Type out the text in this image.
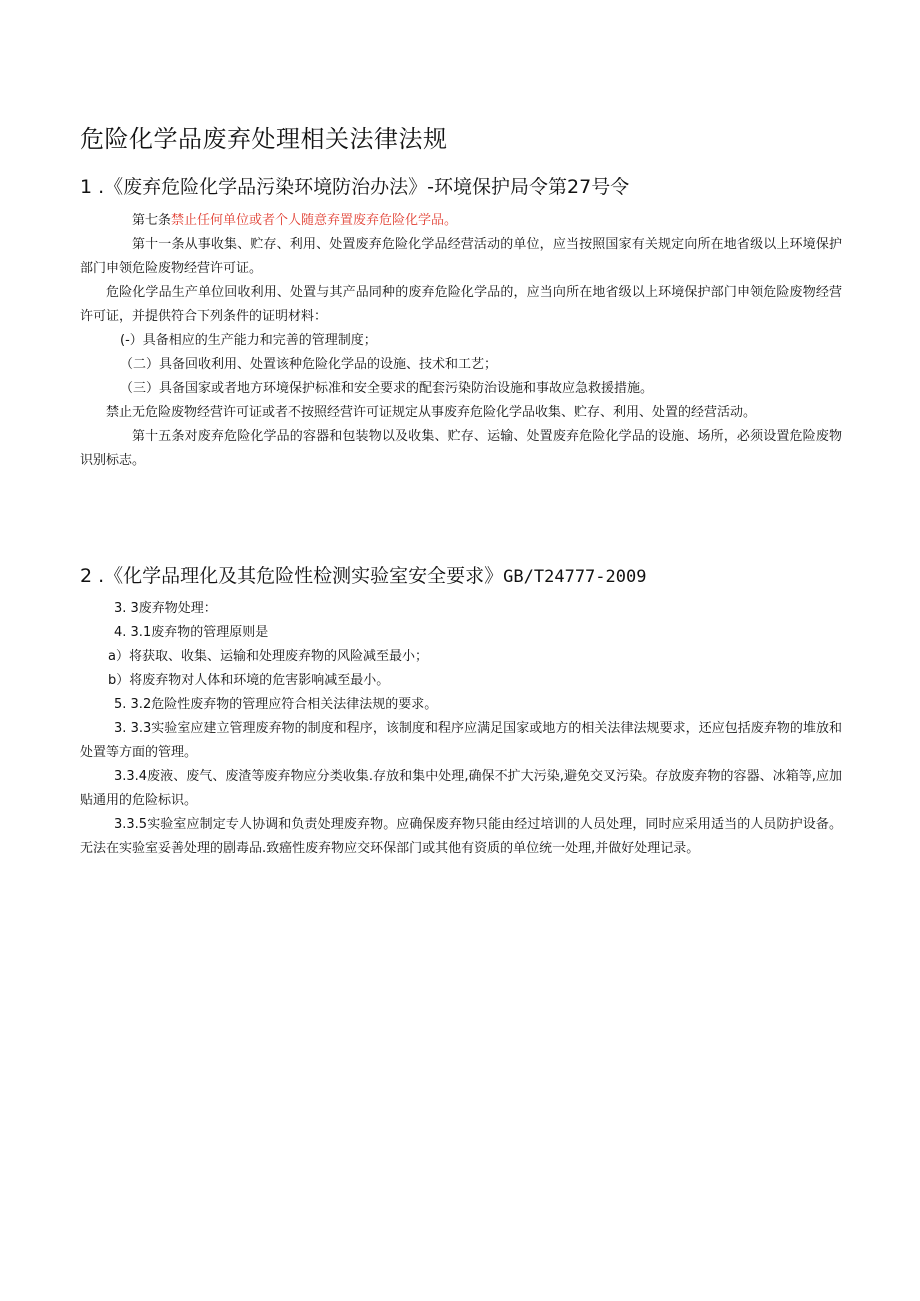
危险化学品废弃处理相关法律法规
1 .《废弃危险化学品污染环境防治办法》-环境保护局令第27号令

第七条禁止任何单位或者个人随意弃置废弃危险化学品。

第十一条从事收集、贮存、利用、处置废弃危险化学品经营活动的单位，应当按照国家有关规定向所在地省级以上环境保护部门申领危险废物经营许可证。

危险化学品生产单位回收利用、处置与其产品同种的废弃危险化学品的，应当向所在地省级以上环境保护部门申领危险废物经营许可证，并提供符合下列条件的证明材料：

(-）具备相应的生产能力和完善的管理制度；

（二）具备回收利用、处置该种危险化学品的设施、技术和工艺；

（三）具备国家或者地方环境保护标准和安全要求的配套污染防治设施和事故应急救援措施。

禁止无危险废物经营许可证或者不按照经营许可证规定从事废弃危险化学品收集、贮存、利用、处置的经营活动。

第十五条对废弃危险化学品的容器和包装物以及收集、贮存、运输、处置废弃危险化学品的设施、场所，必须设置危险废物识别标志。

2 .《化学品理化及其危险性检测实验室安全要求》GB/T24777-2009

3. 3废弃物处理：

4. 3.1废弃物的管理原则是

a）将获取、收集、运输和处理废弃物的风险减至最小；

b）将废弃物对人体和环境的危害影响减至最小。

5. 3.2危险性废弃物的管理应符合相关法律法规的要求。

3. 3.3实验室应建立管理废弃物的制度和程序，该制度和程序应满足国家或地方的相关法律法规要求，还应包括废弃物的堆放和处置等方面的管理。

3.3.4废液、废气、废渣等废弃物应分类收集.存放和集中处理,确保不扩大污染,避免交叉污染。存放废弃物的容器、冰箱等,应加贴通用的危险标识。

3.3.5实验室应制定专人协调和负责处理废弃物。应确保废弃物只能由经过培训的人员处理，同时应采用适当的人员防护设备。无法在实验室妥善处理的剧毒品.致癌性废弃物应交环保部门或其他有资质的单位统一处理,并做好处理记录。
